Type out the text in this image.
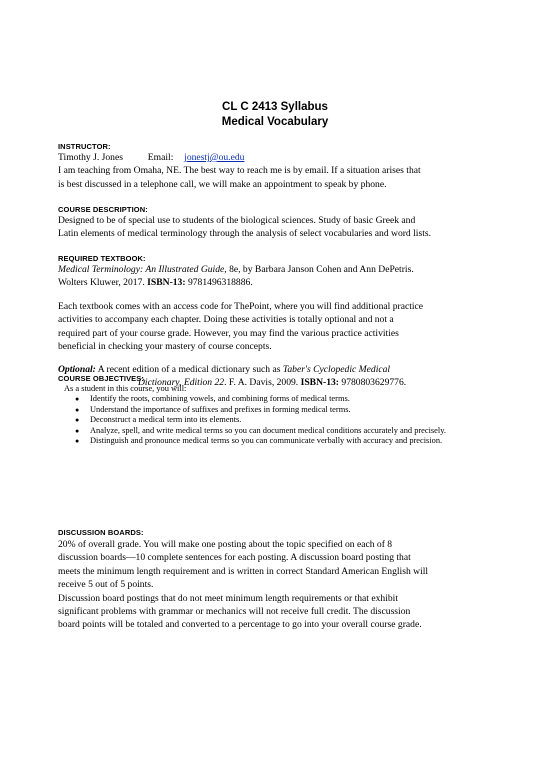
CL C 2413 Syllabus
Medical Vocabulary
INSTRUCTOR:
Timothy J. Jones	Email: jonestj@ou.edu
I am teaching from Omaha, NE. The best way to reach me is by email. If a situation arises that
is best discussed in a telephone call, we will make an appointment to speak by phone.
COURSE DESCRIPTION:
Designed to be of special use to students of the biological sciences. Study of basic Greek and
Latin elements of medical terminology through the analysis of select vocabularies and word lists.
REQUIRED TEXTBOOK:
Medical Terminology: An Illustrated Guide, 8e, by Barbara Janson Cohen and Ann DePetris.
Wolters Kluwer, 2017. ISBN-13: 9781496318886.
Each textbook comes with an access code for ThePoint, where you will find additional practice
activities to accompany each chapter. Doing these activities is totally optional and not a
required part of your course grade. However, you may find the various practice activities
beneficial in checking your mastery of course concepts.
Optional: A recent edition of a medical dictionary such as Taber's Cyclopedic Medical
Dictionary, Edition 22. F. A. Davis, 2009. ISBN-13: 9780803629776.
COURSE OBJECTIVES:
As a student in this course, you will:
● Identify the roots, combining vowels, and combining forms of medical terms.
● Understand the importance of suffixes and prefixes in forming medical terms.
● Deconstruct a medical term into its elements.
● Analyze, spell, and write medical terms so you can document medical conditions accurately and precisely.
● Distinguish and pronounce medical terms so you can communicate verbally with accuracy and precision.
DISCUSSION BOARDS:
20% of overall grade. You will make one posting about the topic specified on each of 8
discussion boards—10 complete sentences for each posting. A discussion board posting that
meets the minimum length requirement and is written in correct Standard American English will
receive 5 out of 5 points.
Discussion board postings that do not meet minimum length requirements or that exhibit
significant problems with grammar or mechanics will not receive full credit. The discussion
board points will be totaled and converted to a percentage to go into your overall course grade.
